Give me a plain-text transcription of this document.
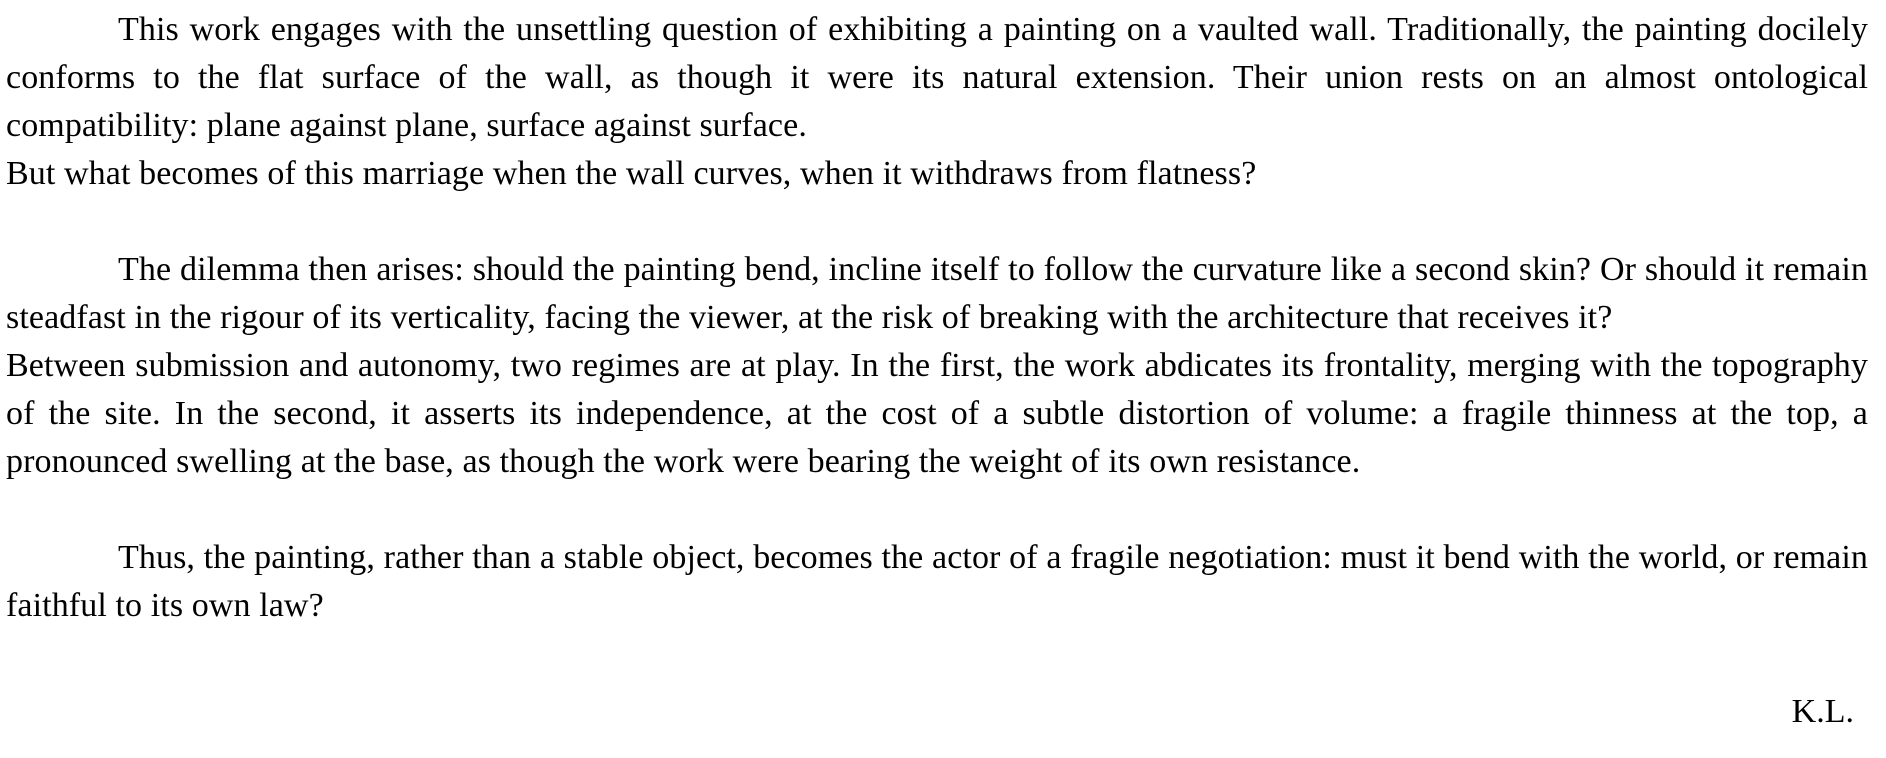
This work engages with the unsettling question of exhibiting a painting on a vaulted wall. Traditionally, the painting docilely conforms to the flat surface of the wall, as though it were its natural extension. Their union rests on an almost ontological compatibility: plane against plane, surface against surface.

But what becomes of this marriage when the wall curves, when it withdraws from flatness?

The dilemma then arises: should the painting bend, incline itself to follow the curvature like a second skin? Or should it remain steadfast in the rigour of its verticality, facing the viewer, at the risk of breaking with the architecture that receives it?

Between submission and autonomy, two regimes are at play. In the first, the work abdicates its frontality, merging with the topography of the site. In the second, it asserts its independence, at the cost of a subtle distortion of volume: a fragile thinness at the top, a pronounced swelling at the base, as though the work were bearing the weight of its own resistance.

Thus, the painting, rather than a stable object, becomes the actor of a fragile negotiation: must it bend with the world, or remain faithful to its own law?

K.L.
